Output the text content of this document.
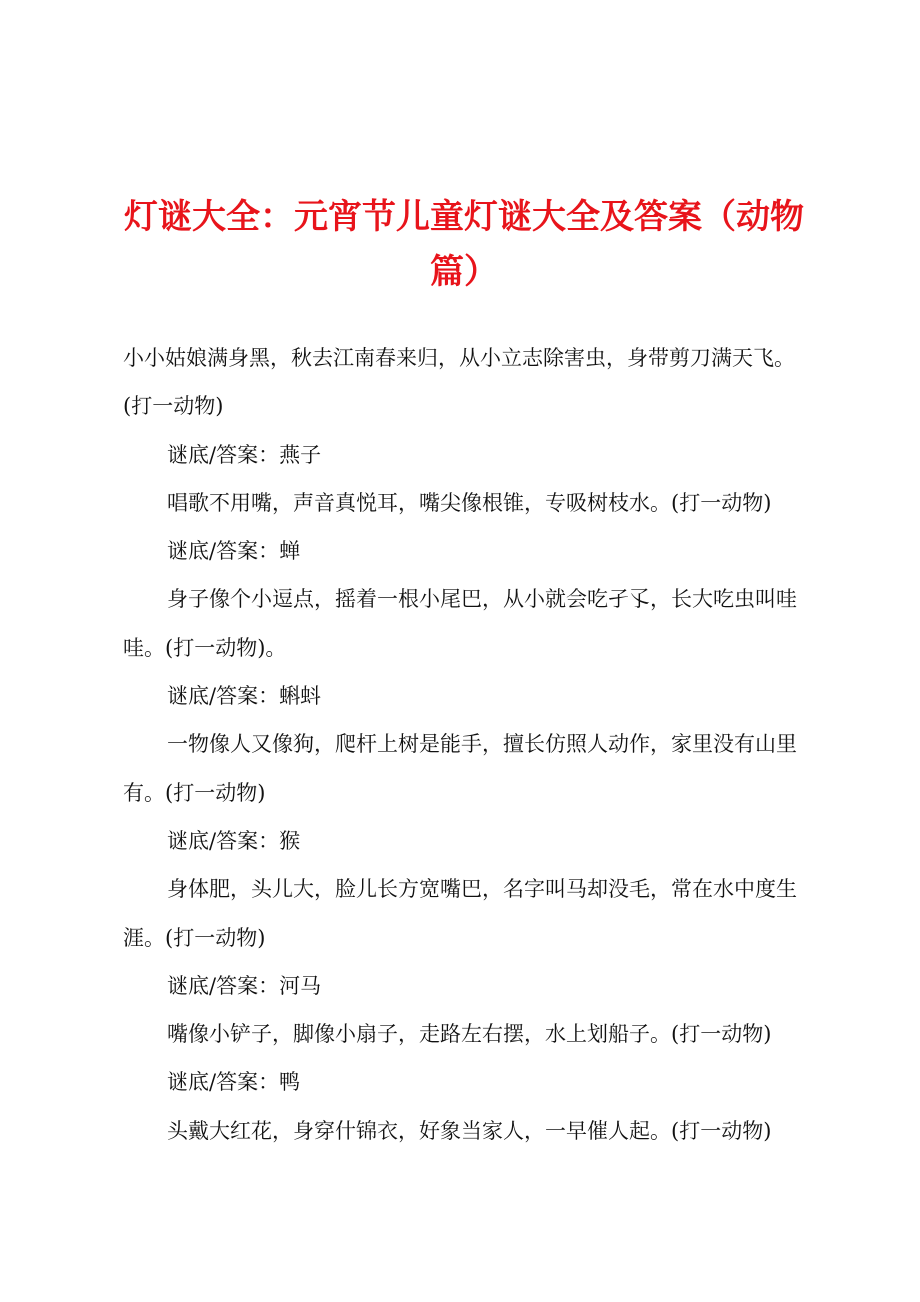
灯谜大全：元宵节儿童灯谜大全及答案（动物
篇）
小小姑娘满身黑，秋去江南春来归，从小立志除害虫，身带剪刀满天飞。
(打一动物)
谜底/答案：燕子
唱歌不用嘴，声音真悦耳，嘴尖像根锥，专吸树枝水。(打一动物)
谜底/答案：蝉
身子像个小逗点，摇着一根小尾巴，从小就会吃孑孓，长大吃虫叫哇
哇。(打一动物)。
谜底/答案：蝌蚪
一物像人又像狗，爬杆上树是能手，擅长仿照人动作，家里没有山里
有。(打一动物)
谜底/答案：猴
身体肥，头儿大，脸儿长方宽嘴巴，名字叫马却没毛，常在水中度生
涯。(打一动物)
谜底/答案：河马
嘴像小铲子，脚像小扇子，走路左右摆，水上划船子。(打一动物)
谜底/答案：鸭
头戴大红花，身穿什锦衣，好象当家人，一早催人起。(打一动物)
